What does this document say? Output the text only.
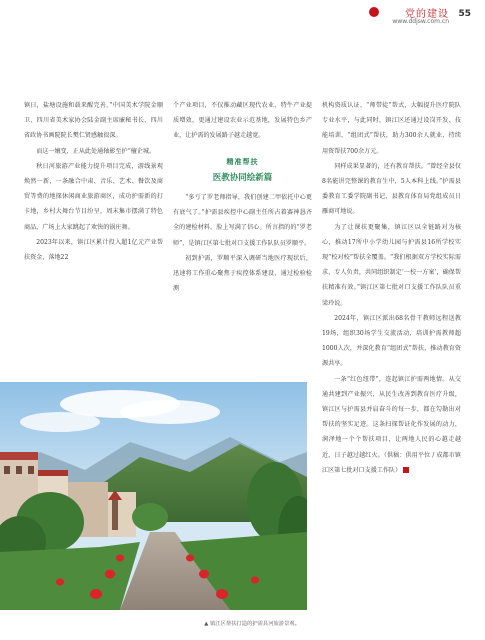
党的建设
www.ddjsw.com.cn
55

镇日，盐塘设施和载来醒完善，”中国美术学院金顺卫、四川省美术家协会陆金副主席廉秘书长、四川省政协书画院院长樊仁贤感触很深。

而这一嬗变，正从此处通轴影至护“檀企城。

秋日河旅游产业能力提升项目完成，游线景观焕然一新，一条融合中肃、音乐、艺术、餐饮及商贸等费的地探休闲商业旅游商区，成功护需新的打卡地，乡村大舞台节目纷呈，周末集市摆满了特色商品，广场上大家跳起了欢快的锅庄舞。

2023年以来，镇江区累计投入超1亿元产业帮扶资金，落地22

个产业项目，不仅推动藏区现代农业、特牛产业提质增效，更通过建设农业示范基地，发展特色乡产业，让护需的发展路子越走越宽。

精准帮扶
医教协同绘新篇

“多亏了罗老师指导，我们创建二甲依托中心更有底气了。”护需县疾控中心副主任所占着赛神恳齐全的建检材料，脸上写满了信心。所言指的的“罗老师”，是镇江区第七批对口支援工作队队员罗顺平。

初到护需，罗顺平深入调研当地医疗现状后，迅速将工作重心聚焦于疾控体系建设，通过检验检测

机构资质认证、“师带徒”帮式，大幅提升医疗院队专业水平，与此同时，镇江区还通过设岗开发、技能培训、“组团式”帮扶，助力300余人就业，持续用资帮扶700余万元。

同样成果显著的，还有教育帮扶。“曾经全县仅8名能讲完整课的教育生中，5人本科上线。”护需县委教育工委学院副书记、县教育体育局党组成员日雁商可地说。

为了让课扶更聚集，镇江区以全链路对为核心，推动17所中小学幼儿园与护需县16所学校实现“校对校”帮扶全覆盖。“我们根据双方学校实际需求，专人负责，共同组织制定‘一校一方案’，确保帮扶精准有效。”镇江区第七批对口支援工作队队员重梁玲说。

2024年，镇江区派出68名骨干教师远程送教19场，组织30场学生交流活动，培训护需教师超1000人次，并深化教育“组团式”帮扶，推动教育资源共享。

一条“红色纽带”，连起镇江护需两地情。从交通共建到产业振兴，从民生改善到教育医疗升级，镇江区与护需县并肩奋斗的每一步，都在勾勒出对帮扶的坚实足迹。这条扫探帮证化作发展的动力，润泽地一个个帮扶项目，让两地人民的心越走越近，日子越过越红火。（供稿：供用平位 / 成都市镇江区第七批对口支援工作队）

▲ 镇江区帮扶打造的护需县河旅游景观。
